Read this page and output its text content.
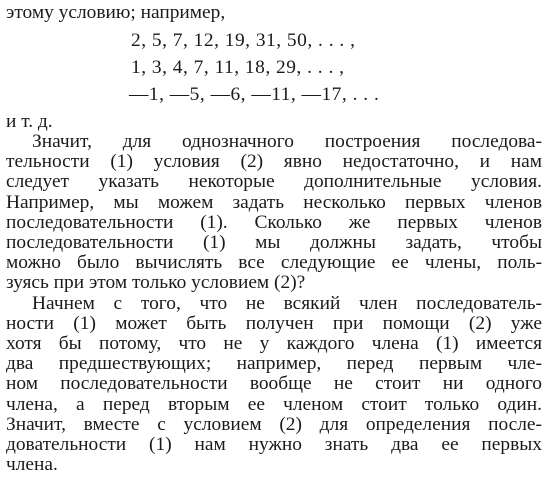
этому условию; например,
2, 5, 7, 12, 19, 31, 50, . . . ,
1, 3, 4, 7, 11, 18, 29, . . . ,
—1, —5, —6, —11, —17, . . .
и т. д.
Значит, для однозначного построения последова-
тельности (1) условия (2) явно недостаточно, и нам
следует указать некоторые дополнительные условия.
Например, мы можем задать несколько первых членов
последовательности (1). Сколько же первых членов
последовательности (1) мы должны задать, чтобы
можно было вычислять все следующие ее члены, поль-
зуясь при этом только условием (2)?
Начнем с того, что не всякий член последователь-
ности (1) может быть получен при помощи (2) уже
хотя бы потому, что не у каждого члена (1) имеется
два предшествующих; например, перед первым чле-
ном последовательности вообще не стоит ни одного
члена, а перед вторым ее членом стоит только один.
Значит, вместе с условием (2) для определения после-
довательности (1) нам нужно знать два ее первых
члена.
